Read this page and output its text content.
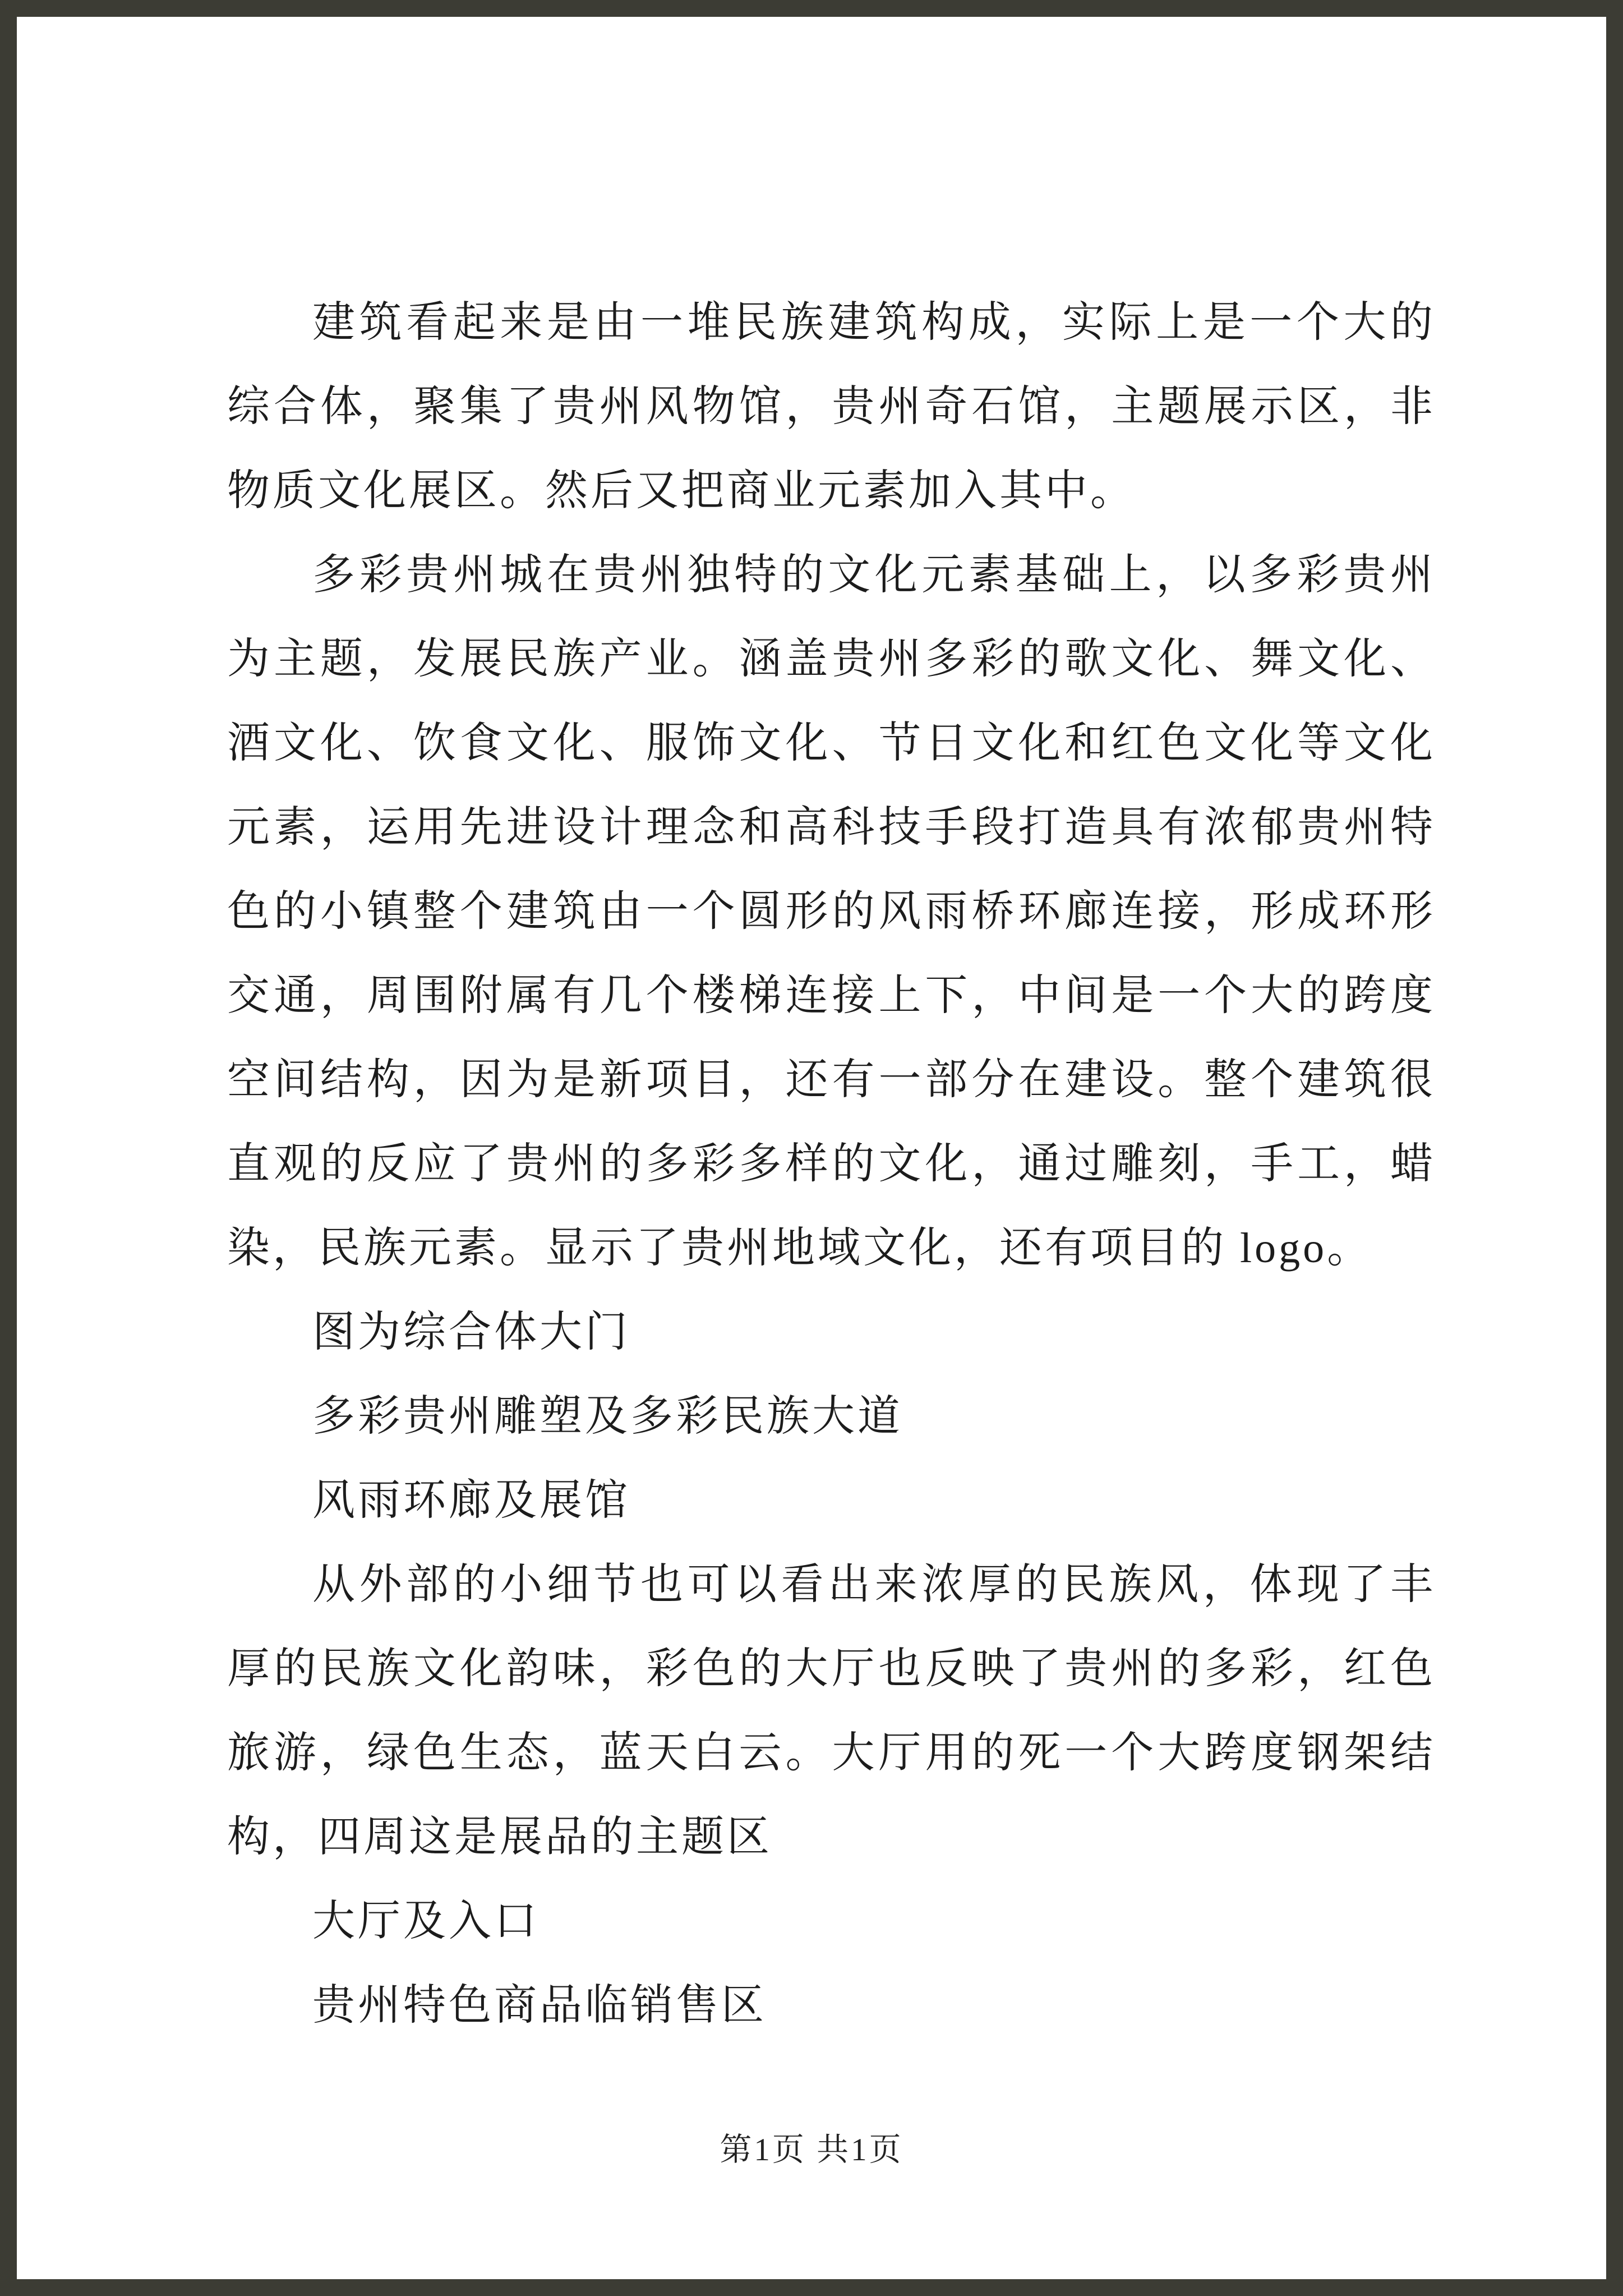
建筑看起来是由一堆民族建筑构成，实际上是一个大的综合体，聚集了贵州风物馆，贵州奇石馆，主题展示区，非物质文化展区。然后又把商业元素加入其中。

多彩贵州城在贵州独特的文化元素基础上，以多彩贵州为主题，发展民族产业。涵盖贵州多彩的歌文化、舞文化、酒文化、饮食文化、服饰文化、节日文化和红色文化等文化元素，运用先进设计理念和高科技手段打造具有浓郁贵州特色的小镇整个建筑由一个圆形的风雨桥环廊连接，形成环形交通，周围附属有几个楼梯连接上下，中间是一个大的跨度空间结构，因为是新项目，还有一部分在建设。整个建筑很直观的反应了贵州的多彩多样的文化，通过雕刻，手工，蜡染，民族元素。显示了贵州地域文化，还有项目的 logo。

图为综合体大门

多彩贵州雕塑及多彩民族大道

风雨环廊及展馆

从外部的小细节也可以看出来浓厚的民族风，体现了丰厚的民族文化韵味，彩色的大厅也反映了贵州的多彩，红色旅游，绿色生态，蓝天白云。大厅用的死一个大跨度钢架结构，四周这是展品的主题区

大厅及入口

贵州特色商品临销售区

第1页 共1页
